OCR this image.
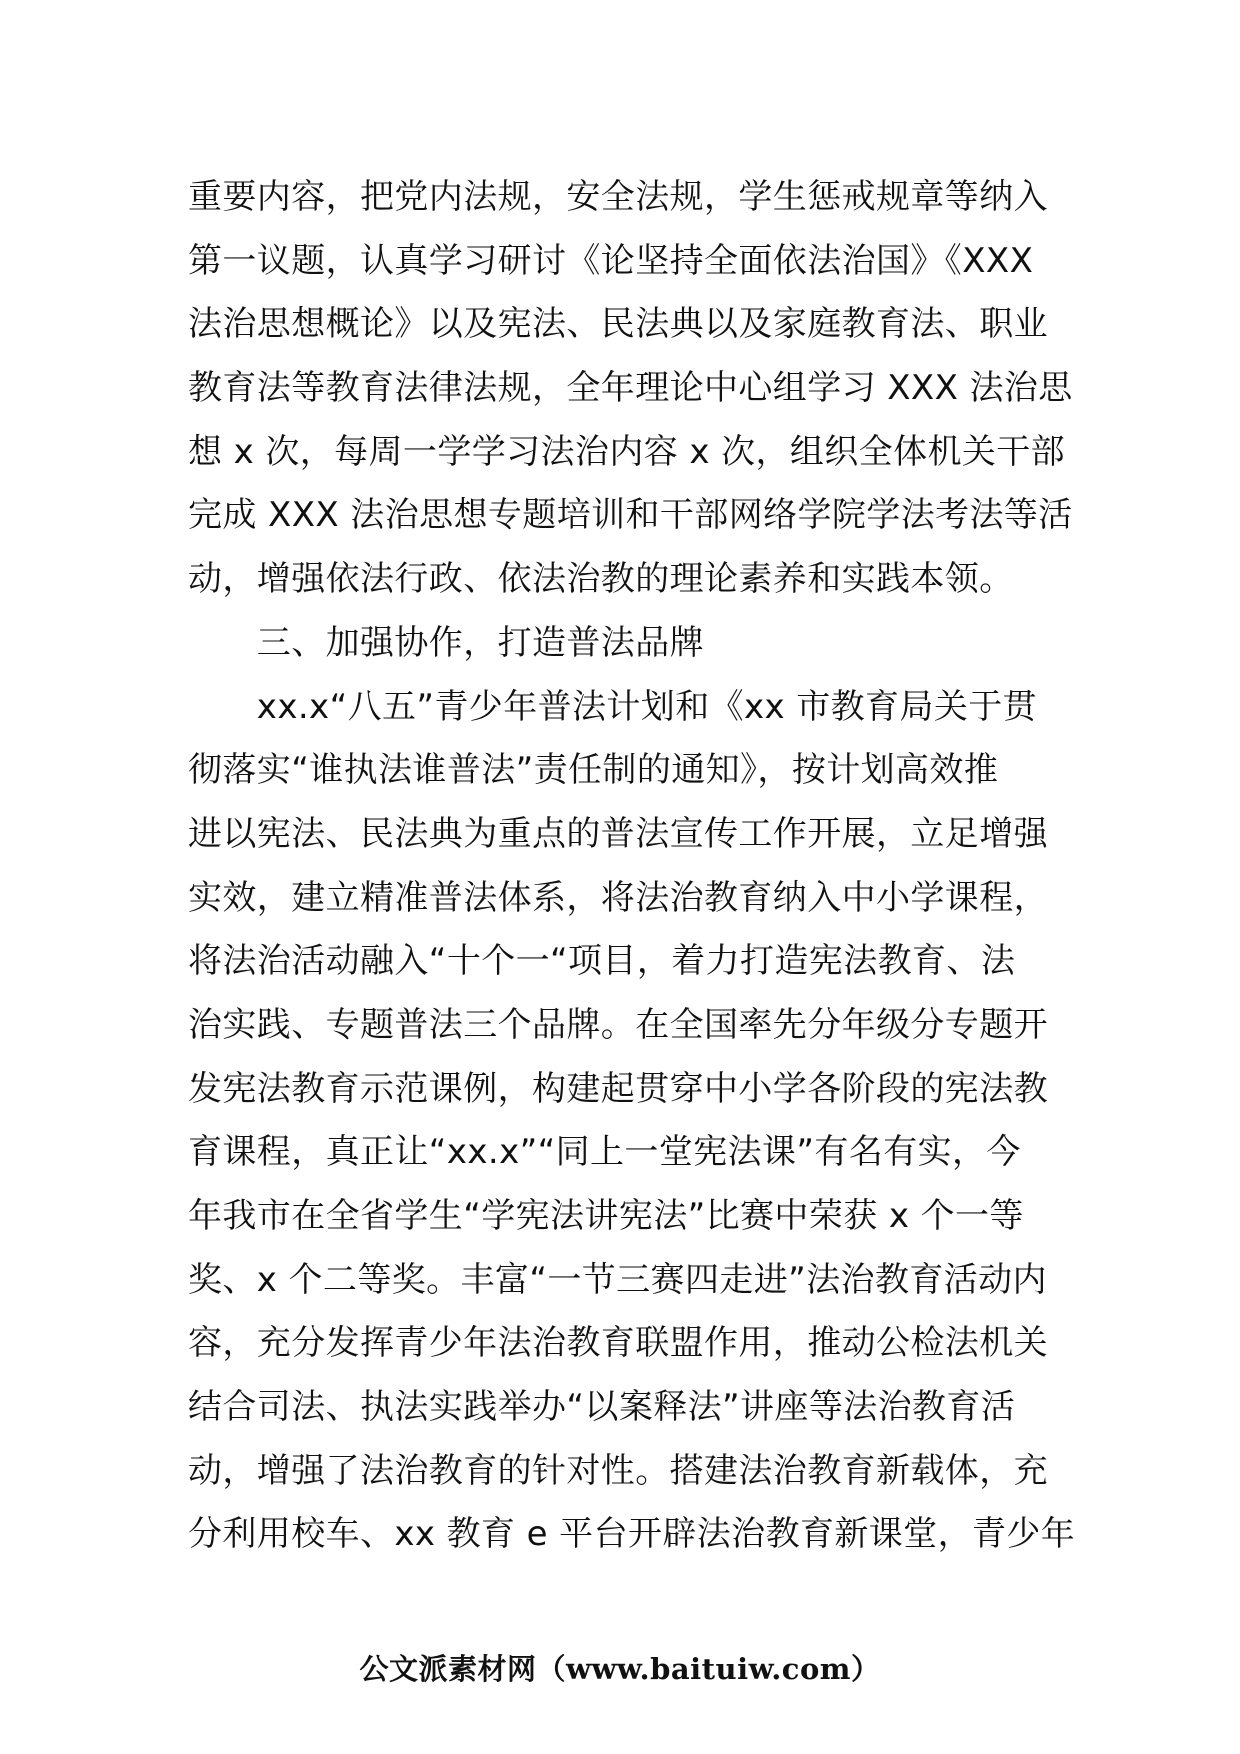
重要内容，把党内法规，安全法规，学生惩戒规章等纳入
第一议题，认真学习研讨《论坚持全面依法治国》《XXX
法治思想概论》以及宪法、民法典以及家庭教育法、职业
教育法等教育法律法规，全年理论中心组学习 XXX 法治思
想 x 次，每周一学学习法治内容 x 次，组织全体机关干部
完成 XXX 法治思想专题培训和干部网络学院学法考法等活
动，增强依法行政、依法治教的理论素养和实践本领。
　　三、加强协作，打造普法品牌
　　xx.x“八五”青少年普法计划和《xx 市教育局关于贯
彻落实“谁执法谁普法”责任制的通知》，按计划高效推
进以宪法、民法典为重点的普法宣传工作开展，立足增强
实效，建立精准普法体系，将法治教育纳入中小学课程，
将法治活动融入“十个一“项目，着力打造宪法教育、法
治实践、专题普法三个品牌。在全国率先分年级分专题开
发宪法教育示范课例，构建起贯穿中小学各阶段的宪法教
育课程，真正让“xx.x”“同上一堂宪法课”有名有实，今
年我市在全省学生“学宪法讲宪法”比赛中荣获 x 个一等
奖、x 个二等奖。丰富“一节三赛四走进”法治教育活动内
容，充分发挥青少年法治教育联盟作用，推动公检法机关
结合司法、执法实践举办“以案释法”讲座等法治教育活
动，增强了法治教育的针对性。搭建法治教育新载体，充
分利用校车、xx 教育 e 平台开辟法治教育新课堂，青少年
公文派素材网（www.baituiw.com）
